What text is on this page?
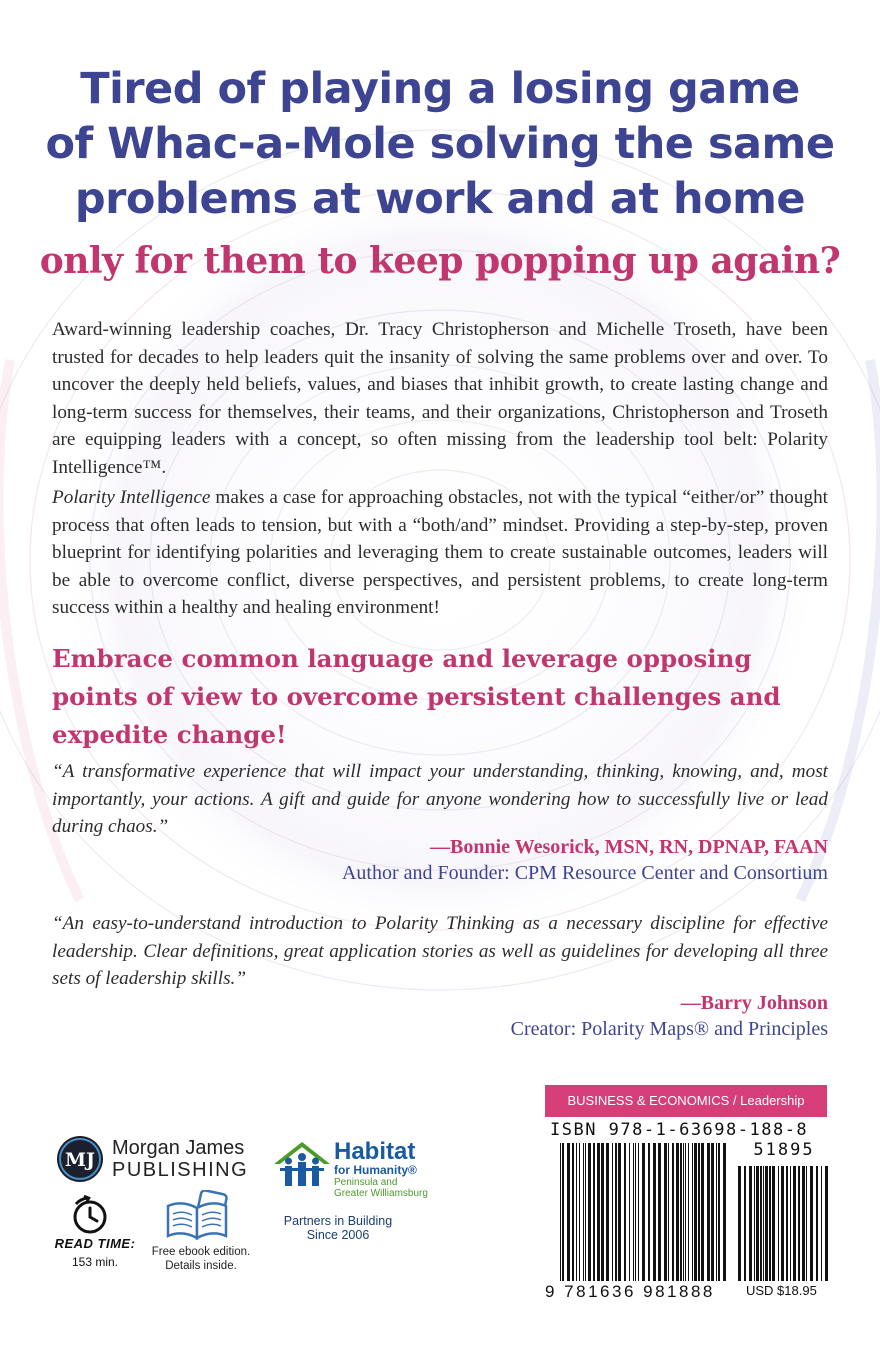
Tired of playing a losing game
of Whac-a-Mole solving the same
problems at work and at home
only for them to keep popping up again?
Award-winning leadership coaches, Dr. Tracy Christopherson and Michelle Troseth, have been trusted for decades to help leaders quit the insanity of solving the same problems over and over. To uncover the deeply held beliefs, values, and biases that inhibit growth, to create lasting change and long-term success for themselves, their teams, and their organizations, Christopherson and Troseth are equipping leaders with a concept, so often missing from the leadership tool belt: Polarity Intelligence™.
Polarity Intelligence makes a case for approaching obstacles, not with the typical “either/or” thought process that often leads to tension, but with a “both/and” mindset. Providing a step-by-step, proven blueprint for identifying polarities and leveraging them to create sustainable outcomes, leaders will be able to overcome conflict, diverse perspectives, and persistent problems, to create long-term success within a healthy and healing environment!
Embrace common language and leverage opposing points of view to overcome persistent challenges and expedite change!
“A transformative experience that will impact your understanding, thinking, knowing, and, most importantly, your actions. A gift and guide for anyone wondering how to successfully live or lead during chaos.”
—Bonnie Wesorick, MSN, RN, DPNAP, FAAN
Author and Founder: CPM Resource Center and Consortium
“An easy-to-understand introduction to Polarity Thinking as a necessary discipline for effective leadership. Clear definitions, great application stories as well as guidelines for developing all three sets of leadership skills.”
—Barry Johnson
Creator: Polarity Maps® and Principles
BUSINESS & ECONOMICS / Leadership
ISBN 978-1-63698-188-8
51895
9 781636 981888 USD $18.95
MJ
Morgan James
PUBLISHING
Habitat
for Humanity®
Peninsula and
Greater Williamsburg
Partners in Building
Since 2006
READ TIME:
153 min.
Free ebook edition.
Details inside.
